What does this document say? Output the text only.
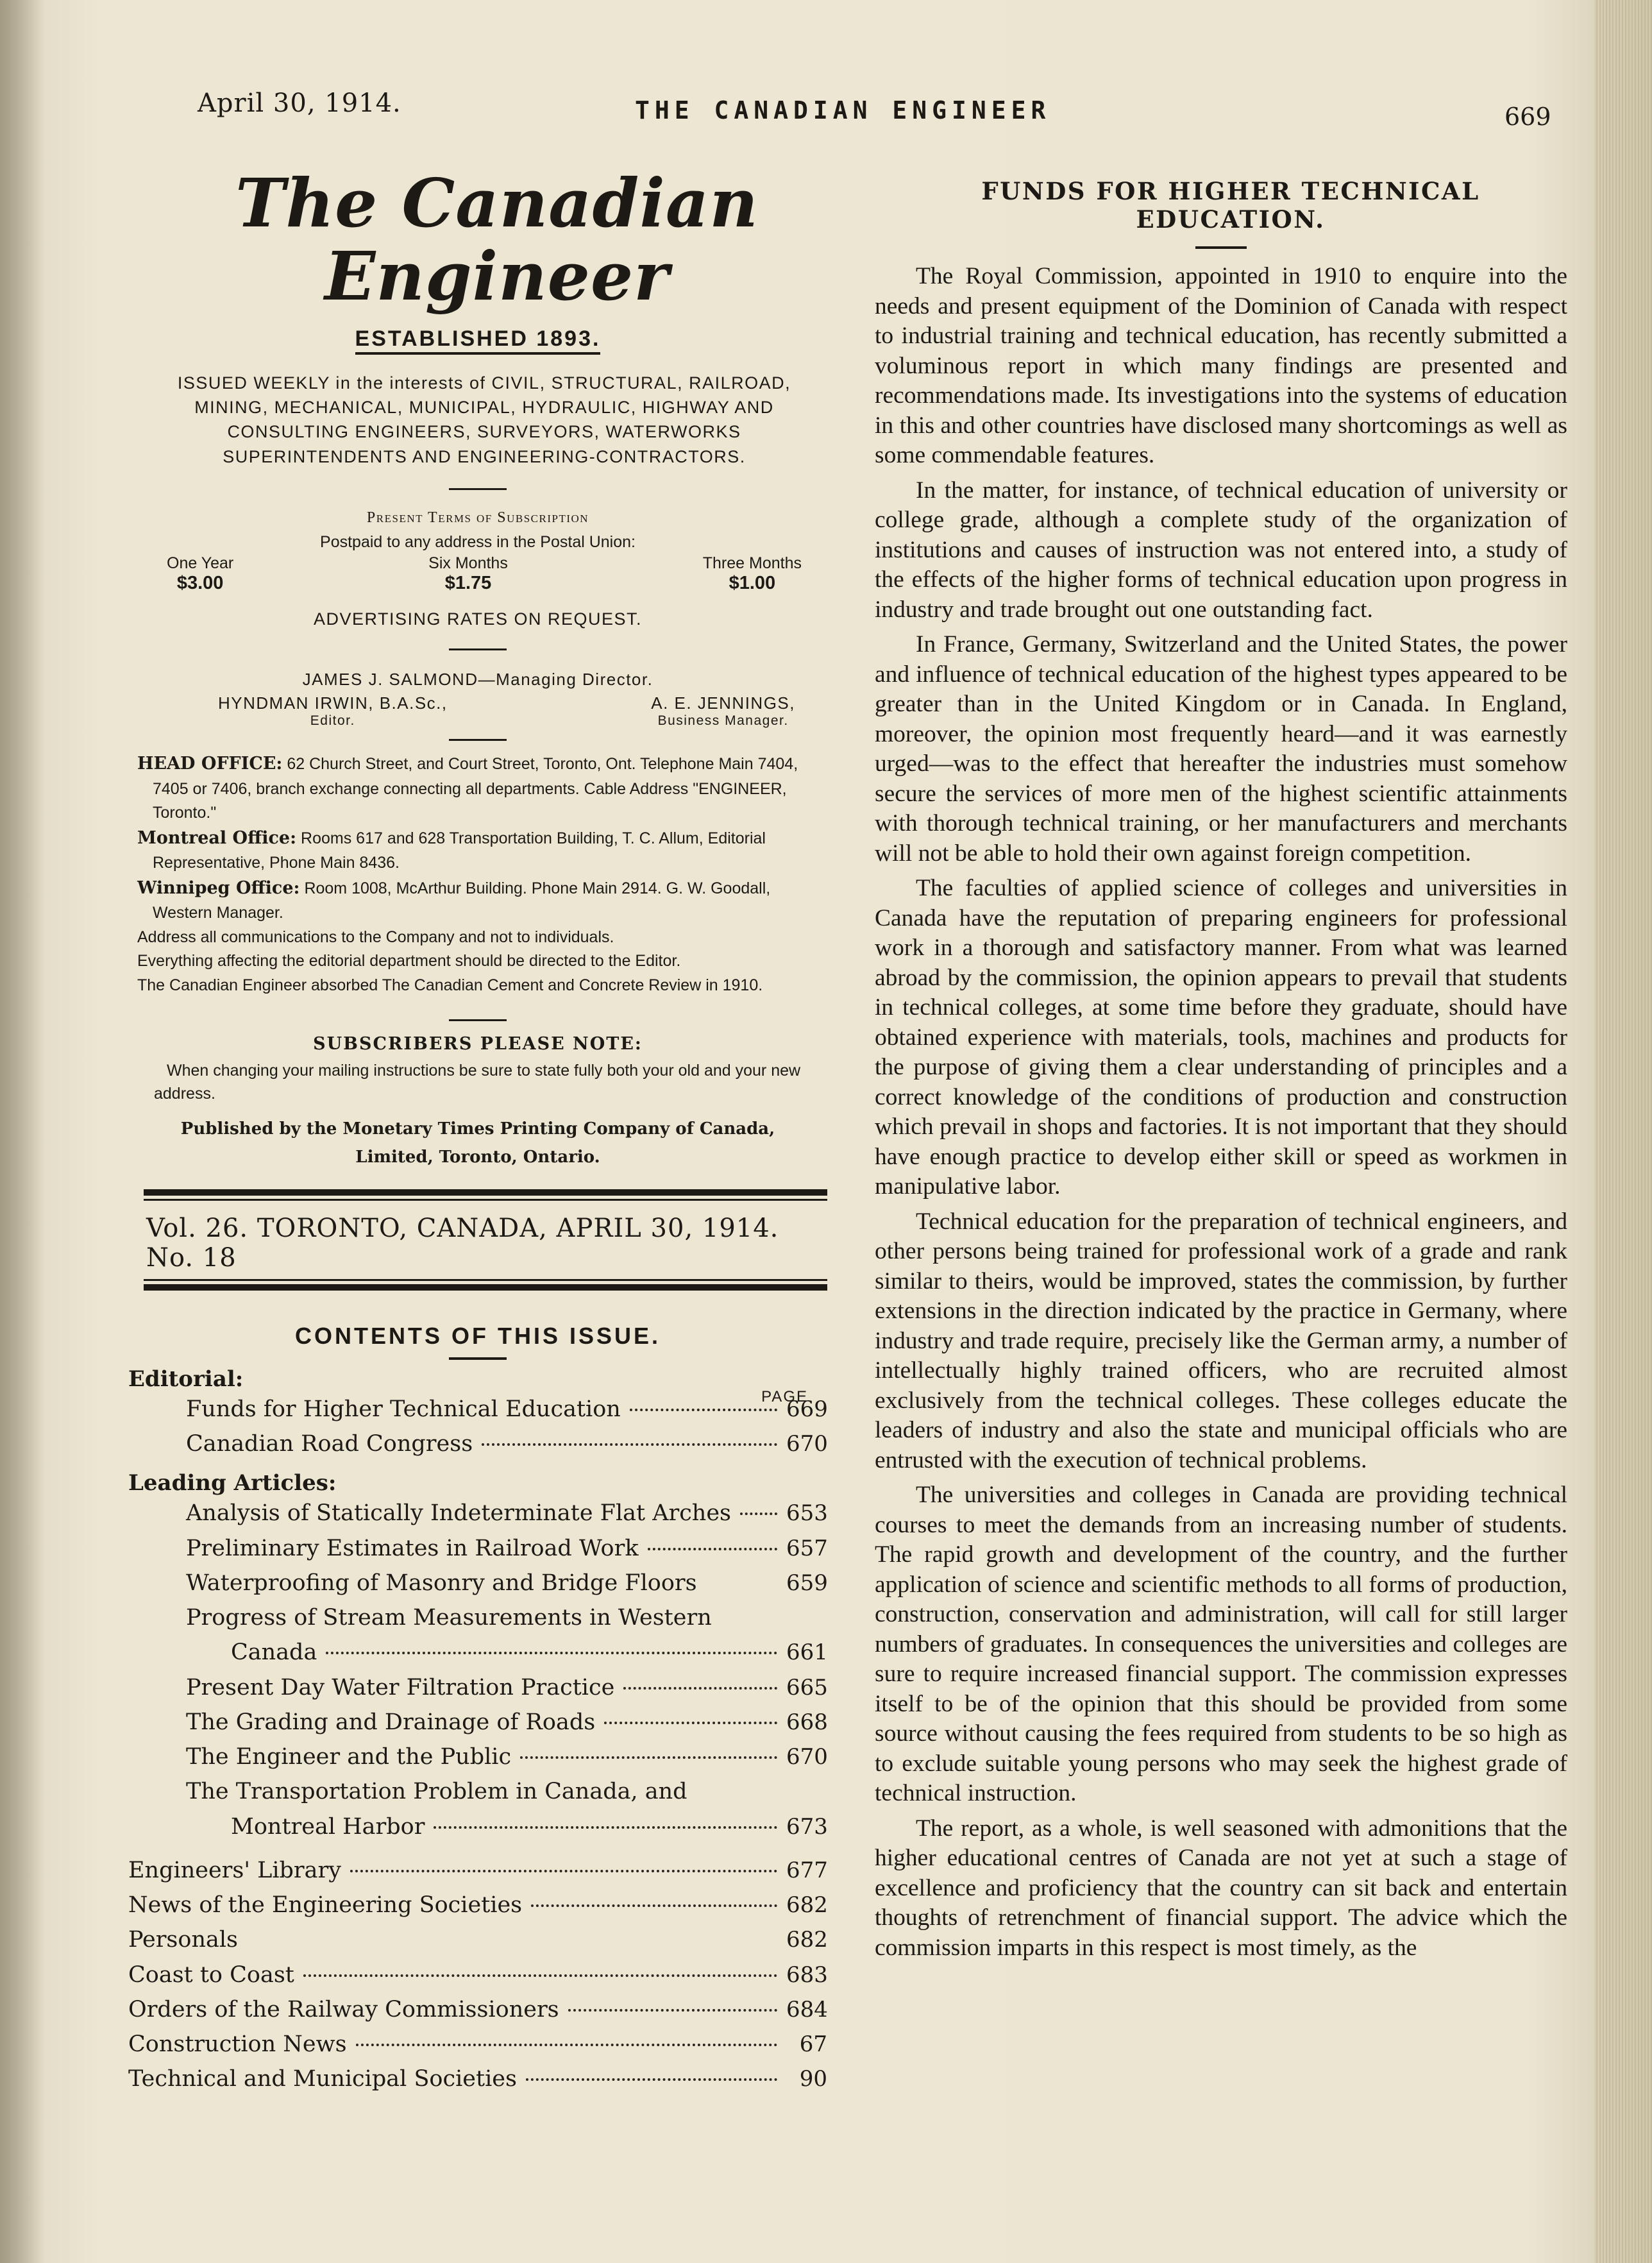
April 30, 1914.	THE CANADIAN ENGINEER	669
The Canadian Engineer
ESTABLISHED 1893.
ISSUED WEEKLY in the interests of CIVIL, STRUCTURAL, RAILROAD, MINING, MECHANICAL, MUNICIPAL, HYDRAULIC, HIGHWAY AND CONSULTING ENGINEERS, SURVEYORS, WATERWORKS SUPERINTENDENTS AND ENGINEERING-CONTRACTORS.
Present Terms of Subscription
Postpaid to any address in the Postal Union:
One Year
$3.00
Six Months
$1.75
Three Months
$1.00
ADVERTISING RATES ON REQUEST.
JAMES J. SALMOND—Managing Director.
HYNDMAN IRWIN, B.A.Sc.,
Editor.
A. E. JENNINGS,
Business Manager.

HEAD OFFICE: 62 Church Street, and Court Street, Toronto, Ont. Telephone Main 7404, 7405 or 7406, branch exchange connecting all departments. Cable Address "ENGINEER, Toronto."

Montreal Office: Rooms 617 and 628 Transportation Building, T. C. Allum, Editorial Representative, Phone Main 8436.

Winnipeg Office: Room 1008, McArthur Building. Phone Main 2914. G. W. Goodall, Western Manager.

Address all communications to the Company and not to individuals.

Everything affecting the editorial department should be directed to the Editor.

The Canadian Engineer absorbed The Canadian Cement and Concrete Review in 1910.

SUBSCRIBERS PLEASE NOTE:
When changing your mailing instructions be sure to state fully both your old and your new address.
Published by the Monetary Times Printing Company of Canada,
Limited, Toronto, Ontario.
Vol. 26. TORONTO, CANADA, APRIL 30, 1914. No. 18
CONTENTS OF THIS ISSUE.
PAGE
Editorial:
Funds for Higher Technical Education	669
Canadian Road Congress	670
Leading Articles:
Analysis of Statically Indeterminate Flat Arches	653
Preliminary Estimates in Railroad Work	657
Waterproofing of Masonry and Bridge Floors	659
Progress of Stream Measurements in Western
Canada	661
Present Day Water Filtration Practice	665
The Grading and Drainage of Roads	668
The Engineer and the Public	670
The Transportation Problem in Canada, and
Montreal Harbor	673
Engineers' Library	677
News of the Engineering Societies	682
Personals	682
Coast to Coast	683
Orders of the Railway Commissioners	684
Construction News	67
Technical and Municipal Societies	90
FUNDS FOR HIGHER TECHNICAL EDUCATION.

The Royal Commission, appointed in 1910 to enquire into the needs and present equipment of the Dominion of Canada with respect to industrial training and technical education, has recently submitted a voluminous report in which many findings are presented and recommendations made. Its investigations into the systems of education in this and other countries have disclosed many shortcomings as well as some commendable features.

In the matter, for instance, of technical education of university or college grade, although a complete study of the organization of institutions and causes of instruction was not entered into, a study of the effects of the higher forms of technical education upon progress in industry and trade brought out one outstanding fact.

In France, Germany, Switzerland and the United States, the power and influence of technical education of the highest types appeared to be greater than in the United Kingdom or in Canada. In England, moreover, the opinion most frequently heard—and it was earnestly urged—was to the effect that hereafter the industries must somehow secure the services of more men of the highest scientific attainments with thorough technical training, or her manufacturers and merchants will not be able to hold their own against foreign competition.

The faculties of applied science of colleges and universities in Canada have the reputation of preparing engineers for professional work in a thorough and satisfactory manner. From what was learned abroad by the commission, the opinion appears to prevail that students in technical colleges, at some time before they graduate, should have obtained experience with materials, tools, machines and products for the purpose of giving them a clear understanding of principles and a correct knowledge of the conditions of production and construction which prevail in shops and factories. It is not important that they should have enough practice to develop either skill or speed as workmen in manipulative labor.

Technical education for the preparation of technical engineers, and other persons being trained for professional work of a grade and rank similar to theirs, would be improved, states the commission, by further extensions in the direction indicated by the practice in Germany, where industry and trade require, precisely like the German army, a number of intellectually highly trained officers, who are recruited almost exclusively from the technical colleges. These colleges educate the leaders of industry and also the state and municipal officials who are entrusted with the execution of technical problems.

The universities and colleges in Canada are providing technical courses to meet the demands from an increasing number of students. The rapid growth and development of the country, and the further application of science and scientific methods to all forms of production, construction, conservation and administration, will call for still larger numbers of graduates. In consequences the universities and colleges are sure to require increased financial support. The commission expresses itself to be of the opinion that this should be provided from some source without causing the fees required from students to be so high as to exclude suitable young persons who may seek the highest grade of technical instruction.

The report, as a whole, is well seasoned with admonitions that the higher educational centres of Canada are not yet at such a stage of excellence and proficiency that the country can sit back and entertain thoughts of retrenchment of financial support. The advice which the commission imparts in this respect is most timely, as the
